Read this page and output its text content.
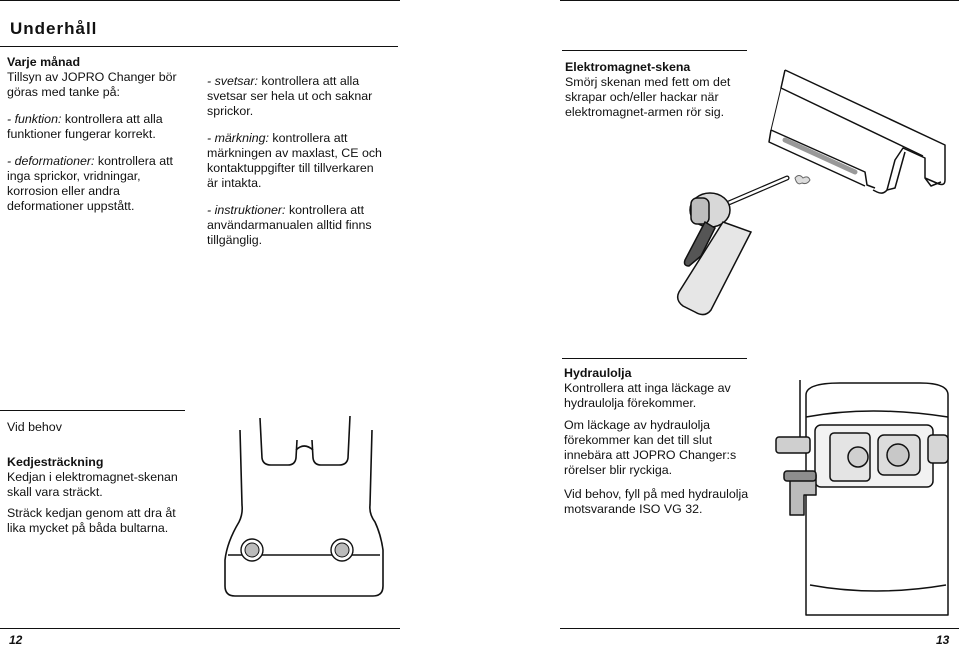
Underhåll

Varje månad

Tillsyn av JOPRO Changer bör göras med tanke på:

- funktion: kontrollera att alla funktioner fungerar korrekt.

- deformationer: kontrollera att inga sprickor, vridningar, korrosion eller andra deformationer uppstått.

- svetsar: kontrollera att alla svetsar ser hela ut och saknar sprickor.

- märkning: kontrollera att märkningen av maxlast, CE och kontaktuppgifter till tillverkaren är intakta.

- instruktioner: kontrollera att användarmanualen alltid finns tillgänglig.

Vid behov

Kedjesträckning

Kedjan i elektromagnet-skenan skall vara sträckt.

Sträck kedjan genom att dra åt lika mycket på båda bultarna.

12

Elektromagnet-skena

Smörj skenan med fett om det skrapar och/eller hackar när elektromagnet-armen rör sig.

Hydraulolja

Kontrollera att inga läckage av hydraulolja förekommer.

Om läckage av hydraulolja förekommer kan det till slut innebära att JOPRO Changer:s rörelser blir ryckiga.

Vid behov, fyll på med hydraulolja motsvarande ISO VG 32.

13
